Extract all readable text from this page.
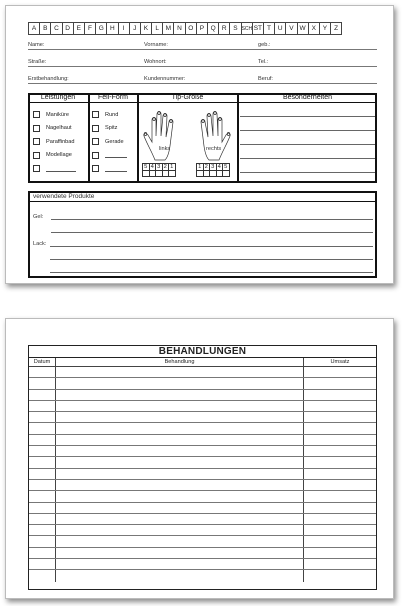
A	B	C D	E	F	G H	I	J	K	L	M N O P Q R	S SCH ST T	U	V W X	Y	Z
Name:	Vorname:	geb.:
Straße:	Wohnort:	Tel.:
Erstbehandlung:	Kundennummer:	Beruf:
Leistungen	Feil-Form	Tip-Größe	Besonderheiten
Maniküre
Nagelhaut
Paraffinbad
Modellage
Rund
Spitz
Gerade
links	rechts
5 4 3 2 1	1 2 3 4 5
verwendete Produkte
Gel:
Lack:
BEHANDLUNGEN
Datum	Behandlung	Umsatz
